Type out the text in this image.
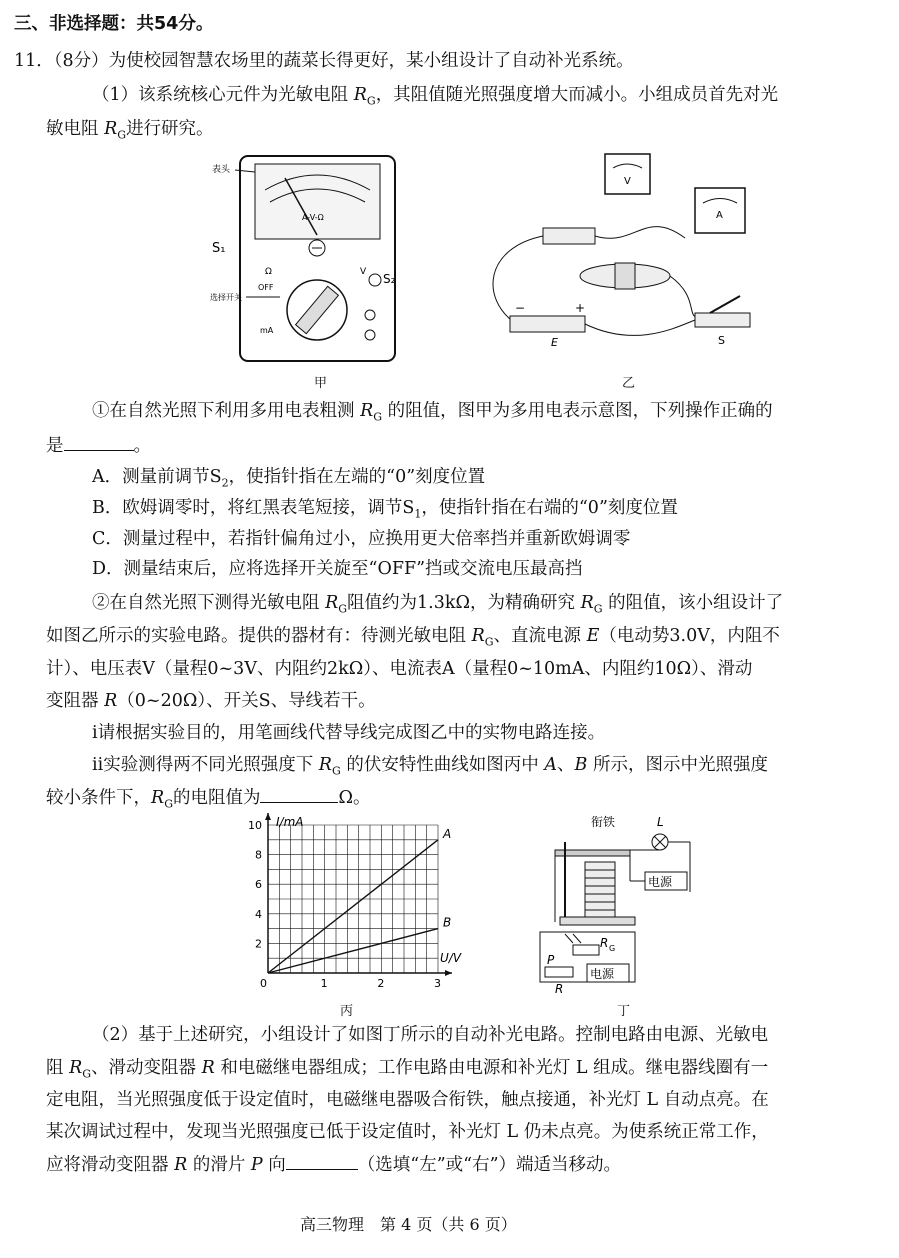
三、非选择题：共54分。
11．（8分）为使校园智慧农场里的蔬菜长得更好，某小组设计了自动补光系统。
（1）该系统核心元件为光敏电阻 $R_G$，其阻值随光照强度增大而减小。小组成员首先对光
敏电阻 $R_G$进行研究。
A-V-Ω
表头
S₁
Ω	V S₂
OFF
mA
选择开关
甲
V
A
−	+
E	S
乙
①在自然光照下利用多用电表粗测 $R_G$ 的阻值，图甲为多用电表示意图，下列操作正确的
是	。
A．测量前调节$S_2$，使指针指在左端的“0”刻度位置
B．欧姆调零时，将红黑表笔短接，调节$S_1$，使指针指在右端的“0”刻度位置
C．测量过程中，若指针偏角过小，应换用更大倍率挡并重新欧姆调零
D．测量结束后，应将选择开关旋至“OFF”挡或交流电压最高挡
②在自然光照下测得光敏电阻 $R_G$阻值约为1.3kΩ，为精确研究 $R_G$ 的阻值，该小组设计了
如图乙所示的实验电路。提供的器材有：待测光敏电阻 $R_G$、直流电源 E（电动势3.0V，内阻不
计）、电压表V（量程0~3V、内阻约2kΩ）、电流表A（量程0~10mA、内阻约10Ω）、滑动
变阻器 R（0~20Ω）、开关S、导线若干。
ⅰ请根据实验目的，用笔画线代替导线完成图乙中的实物电路连接。
ⅱ实验测得两不同光照强度下 $R_G$ 的伏安特性曲线如图丙中 A、B 所示，图示中光照强度
较小条件下，$R_G$的电阻值为	Ω。
I/mA
U/V
0	1	2	3
2
4
6
8
10
A
B
丙
衔铁	L
电源
R G
P
R
电源
丁
（2）基于上述研究，小组设计了如图丁所示的自动补光电路。控制电路由电源、光敏电
阻 $R_G$、滑动变阻器 R 和电磁继电器组成；工作电路由电源和补光灯 L 组成。继电器线圈有一
定电阻，当光照强度低于设定值时，电磁继电器吸合衔铁，触点接通，补光灯 L 自动点亮。在
某次调试过程中，发现当光照强度已低于设定值时，补光灯 L 仍未点亮。为使系统正常工作，
应将滑动变阻器 R 的滑片 P 向	（选填“左”或“右”）端适当移动。
高三物理　第 4 页（共 6 页）
